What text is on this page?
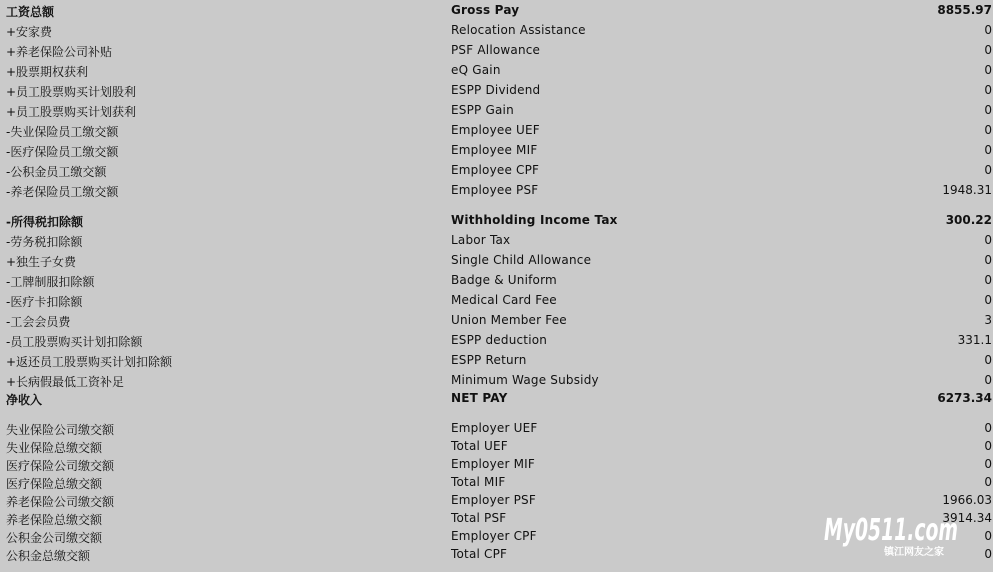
工资总额	Gross Pay	8855.97
+安家费	Relocation Assistance	0
+养老保险公司补贴	PSF Allowance	0
+股票期权获利	eQ Gain	0
+员工股票购买计划股利	ESPP Dividend	0
+员工股票购买计划获利	ESPP Gain	0
-失业保险员工缴交额	Employee UEF	0
-医疗保险员工缴交额	Employee MIF	0
-公积金员工缴交额	Employee CPF	0
-养老保险员工缴交额	Employee PSF	1948.31
-所得税扣除额	Withholding Income Tax	300.22
-劳务税扣除额	Labor Tax	0
+独生子女费	Single Child Allowance	0
-工牌制服扣除额	Badge & Uniform	0
-医疗卡扣除额	Medical Card Fee	0
-工会会员费	Union Member Fee	3
-员工股票购买计划扣除额	ESPP deduction	331.1
+返还员工股票购买计划扣除额	ESPP Return	0
+长病假最低工资补足	Minimum Wage Subsidy	0
净收入	NET PAY	6273.34
失业保险公司缴交额	Employer UEF	0
失业保险总缴交额	Total UEF	0
医疗保险公司缴交额	Employer MIF	0
医疗保险总缴交额	Total MIF	0
养老保险公司缴交额	Employer PSF	1966.03
养老保险总缴交额	Total PSF	3914.34
公积金公司缴交额	Employer CPF	0
公积金总缴交额	Total CPF	0
My0511.com
镇江网友之家
